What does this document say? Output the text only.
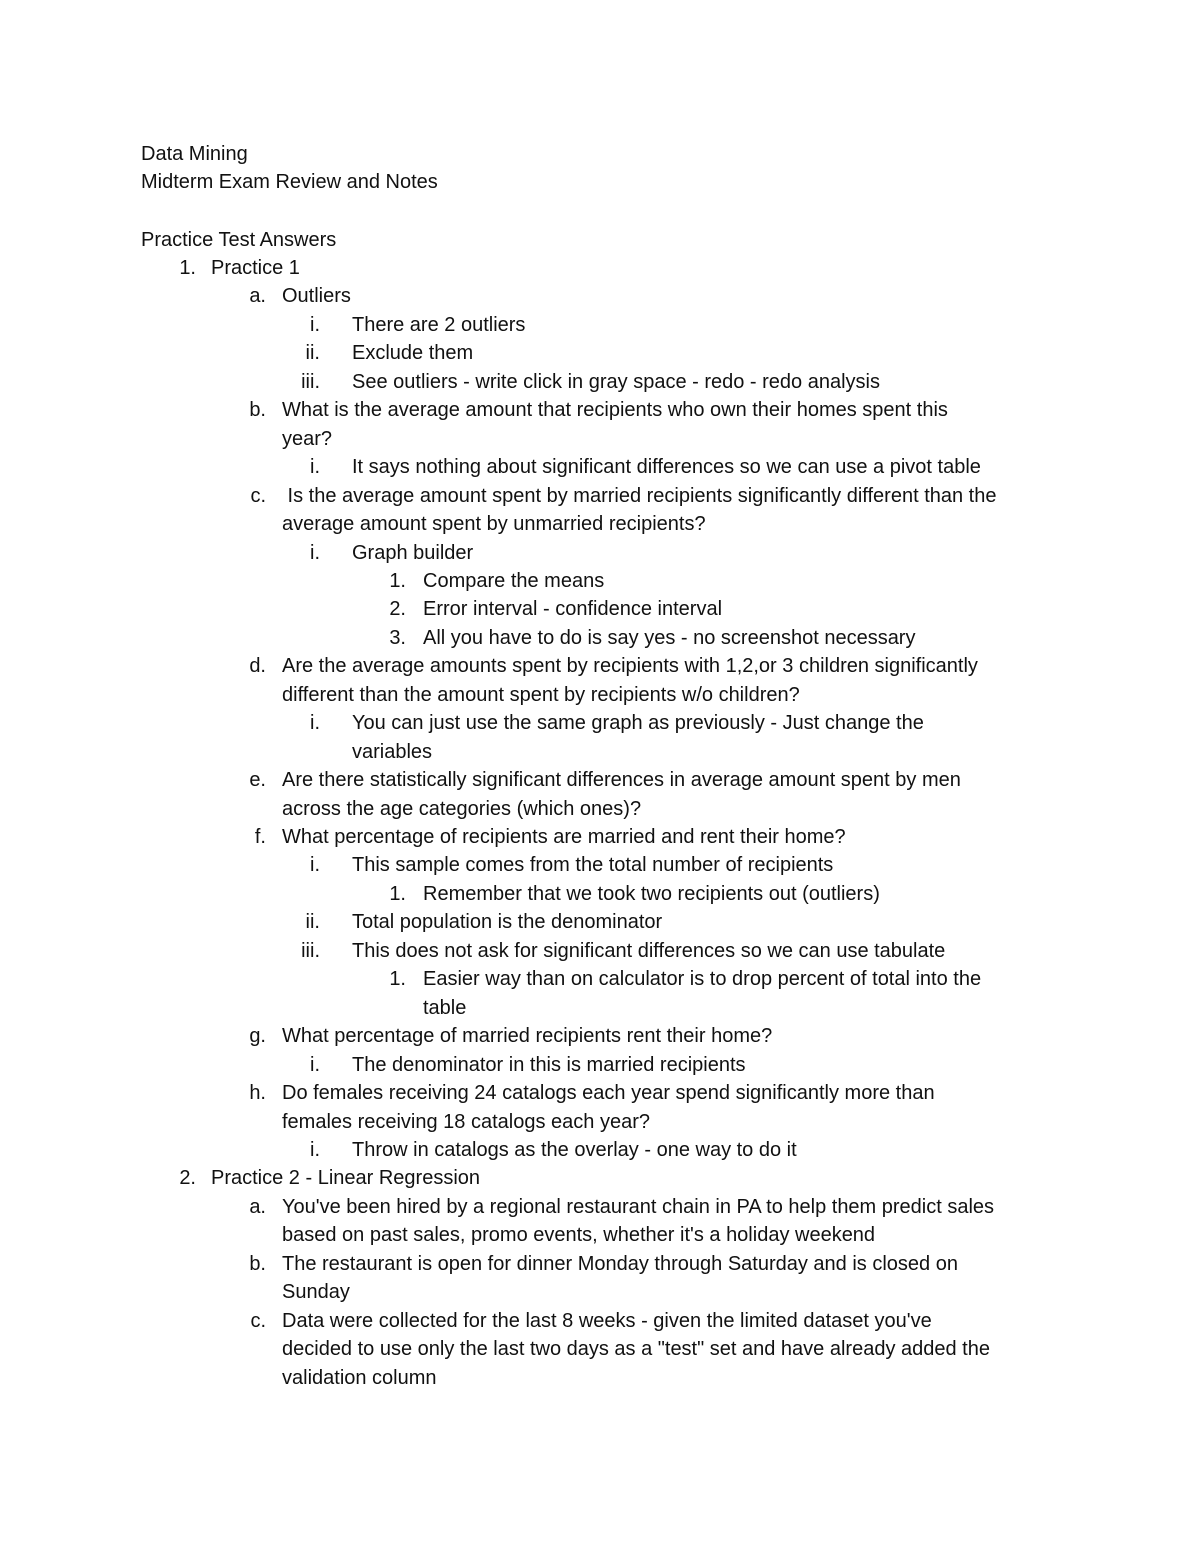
Data Mining
Midterm Exam Review and Notes
Practice Test Answers
1. Practice 1
a. Outliers
i. There are 2 outliers
ii. Exclude them
iii. See outliers - write click in gray space - redo - redo analysis
b. What is the average amount that recipients who own their homes spent this
year?
i. It says nothing about significant differences so we can use a pivot table
c. Is the average amount spent by married recipients significantly different than the
average amount spent by unmarried recipients?
i. Graph builder
1. Compare the means
2. Error interval - confidence interval
3. All you have to do is say yes - no screenshot necessary
d. Are the average amounts spent by recipients with 1,2,or 3 children significantly
different than the amount spent by recipients w/o children?
i. You can just use the same graph as previously - Just change the
variables
e. Are there statistically significant differences in average amount spent by men
across the age categories (which ones)?
f. What percentage of recipients are married and rent their home?
i. This sample comes from the total number of recipients
1. Remember that we took two recipients out (outliers)
ii. Total population is the denominator
iii. This does not ask for significant differences so we can use tabulate
1. Easier way than on calculator is to drop percent of total into the
table
g. What percentage of married recipients rent their home?
i. The denominator in this is married recipients
h. Do females receiving 24 catalogs each year spend significantly more than
females receiving 18 catalogs each year?
i. Throw in catalogs as the overlay - one way to do it
2. Practice 2 - Linear Regression
a. You've been hired by a regional restaurant chain in PA to help them predict sales
based on past sales, promo events, whether it's a holiday weekend
b. The restaurant is open for dinner Monday through Saturday and is closed on
Sunday
c. Data were collected for the last 8 weeks - given the limited dataset you've
decided to use only the last two days as a "test" set and have already added the
validation column
